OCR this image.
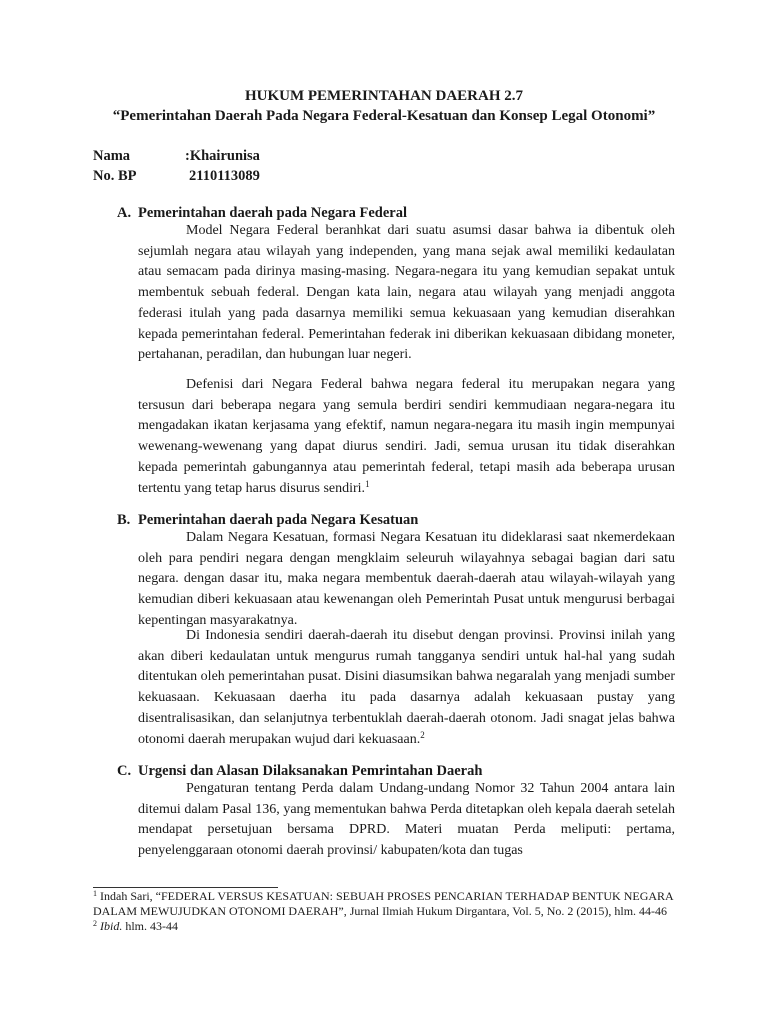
HUKUM PEMERINTAHAN DAERAH 2.7
“Pemerintahan Daerah Pada Negara Federal-Kesatuan dan Konsep Legal Otonomi”
Nama	:Khairunisa
No. BP	2110113089
A. Pemerintahan daerah pada Negara Federal

Model Negara Federal beranhkat dari suatu asumsi dasar bahwa ia dibentuk oleh sejumlah negara atau wilayah yang independen, yang mana sejak awal memiliki kedaulatan atau semacam pada dirinya masing-masing. Negara-negara itu yang kemudian sepakat untuk membentuk sebuah federal. Dengan kata lain, negara atau wilayah yang menjadi anggota federasi itulah yang pada dasarnya memiliki semua kekuasaan yang kemudian diserahkan kepada pemerintahan federal. Pemerintahan federak ini diberikan kekuasaan dibidang moneter, pertahanan, peradilan, dan hubungan luar negeri.

Defenisi dari Negara Federal bahwa negara federal itu merupakan negara yang tersusun dari beberapa negara yang semula berdiri sendiri kemmudiaan negara-negara itu mengadakan ikatan kerjasama yang efektif, namun negara-negara itu masih ingin mempunyai wewenang-wewenang yang dapat diurus sendiri. Jadi, semua urusan itu tidak diserahkan kepada pemerintah gabungannya atau pemerintah federal, tetapi masih ada beberapa urusan tertentu yang tetap harus disurus sendiri.$^1$

B. Pemerintahan daerah pada Negara Kesatuan

Dalam Negara Kesatuan, formasi Negara Kesatuan itu dideklarasi saat nkemerdekaan oleh para pendiri negara dengan mengklaim seleuruh wilayahnya sebagai bagian dari satu negara. dengan dasar itu, maka negara membentuk daerah-daerah atau wilayah-wilayah yang kemudian diberi kekuasaan atau kewenangan oleh Pemerintah Pusat untuk mengurusi berbagai kepentingan masyarakatnya.

Di Indonesia sendiri daerah-daerah itu disebut dengan provinsi. Provinsi inilah yang akan diberi kedaulatan untuk mengurus rumah tangganya sendiri untuk hal-hal yang sudah ditentukan oleh pemerintahan pusat. Disini diasumsikan bahwa negaralah yang menjadi sumber kekuasaan. Kekuasaan daerha itu pada dasarnya adalah kekuasaan pustay yang disentralisasikan, dan selanjutnya terbentuklah daerah-daerah otonom. Jadi snagat jelas bahwa otonomi daerah merupakan wujud dari kekuasaan.$^2$

C. Urgensi dan Alasan Dilaksanakan Pemrintahan Daerah

Pengaturan tentang Perda dalam Undang-undang Nomor 32 Tahun 2004 antara lain ditemui dalam Pasal 136, yang mementukan bahwa Perda ditetapkan oleh kepala daerah setelah mendapat persetujuan bersama DPRD. Materi muatan Perda meliputi: pertama, penyelenggaraan otonomi daerah provinsi/ kabupaten/kota dan tugas

$^1$ Indah Sari, “FEDERAL VERSUS KESATUAN: SEBUAH PROSES PENCARIAN TERHADAP BENTUK NEGARA DALAM MEWUJUDKAN OTONOMI DAERAH”, Jurnal Ilmiah Hukum Dirgantara, Vol. 5, No. 2 (2015), hlm. 44-46

$^2$ Ibid. hlm. 43-44
